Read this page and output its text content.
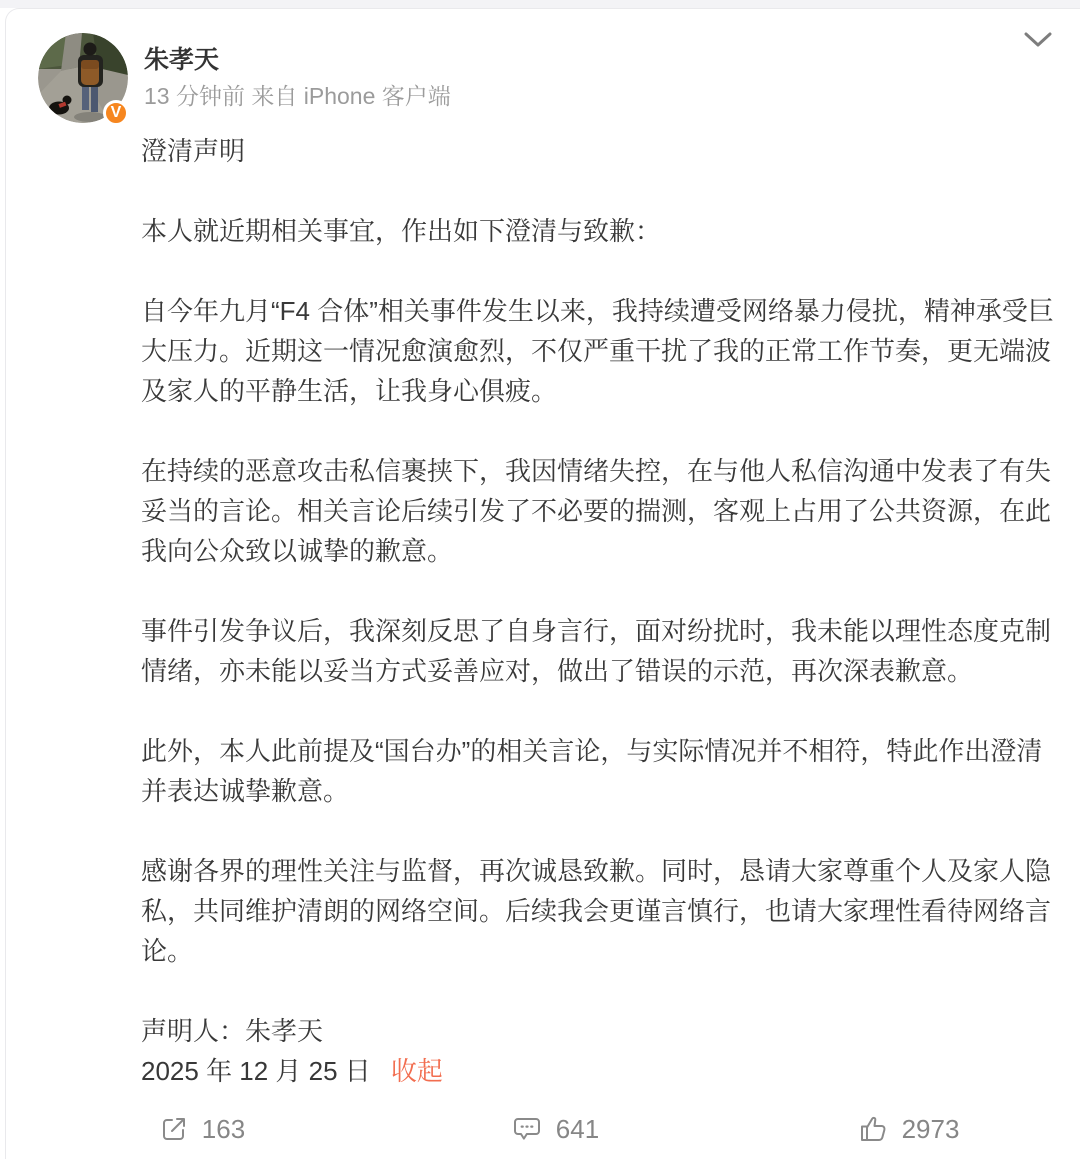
V
朱孝天
13 分钟前 来自 iPhone 客户端

澄清声明

本人就近期相关事宜，作出如下澄清与致歉：

自今年九月“F4 合体”相关事件发生以来，我持续遭受网络暴力侵扰，精神承受巨大压力。近期这一情况愈演愈烈，不仅严重干扰了我的正常工作节奏，更无端波及家人的平静生活，让我身心俱疲。

在持续的恶意攻击私信裹挟下，我因情绪失控，在与他人私信沟通中发表了有失妥当的言论。相关言论后续引发了不必要的揣测，客观上占用了公共资源，在此我向公众致以诚挚的歉意。

事件引发争议后，我深刻反思了自身言行，面对纷扰时，我未能以理性态度克制情绪，亦未能以妥当方式妥善应对，做出了错误的示范，再次深表歉意。

此外，本人此前提及“国台办”的相关言论，与实际情况并不相符，特此作出澄清并表达诚挚歉意。

感谢各界的理性关注与监督，再次诚恳致歉。同时，恳请大家尊重个人及家人隐私，共同维护清朗的网络空间。后续我会更谨言慎行，也请大家理性看待网络言论。

声明人：朱孝天
2025 年 12 月 25 日 收起
163	641	2973
